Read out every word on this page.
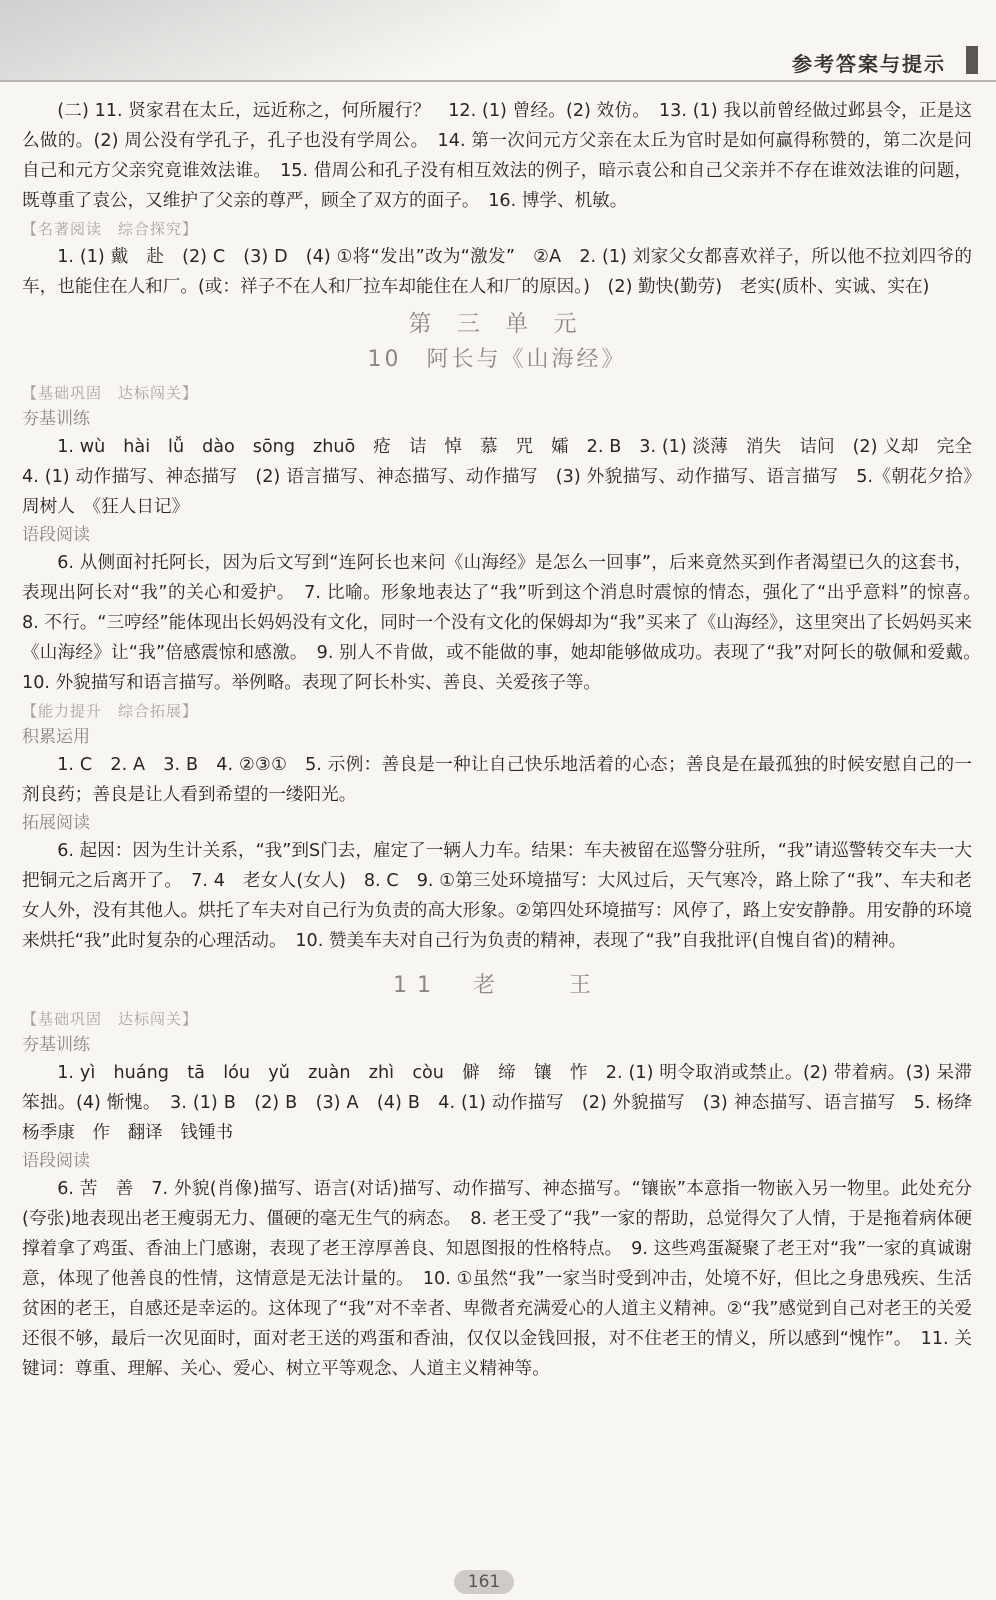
参考答案与提示

(二) 11. 贤家君在太丘，远近称之，何所履行？　12. (1) 曾经。(2) 效仿。　13. (1) 我以前曾经做过邺县令，正是这么做的。(2) 周公没有学孔子，孔子也没有学周公。　14. 第一次问元方父亲在太丘为官时是如何赢得称赞的，第二次是问自己和元方父亲究竟谁效法谁。　15. 借周公和孔子没有相互效法的例子，暗示袁公和自己父亲并不存在谁效法谁的问题，既尊重了袁公，又维护了父亲的尊严，顾全了双方的面子。　16. 博学、机敏。

【名著阅读　综合探究】

1. (1) 戴　赴　(2) C　(3) D　(4) ①将“发出”改为“激发”　②A　2. (1) 刘家父女都喜欢祥子，所以他不拉刘四爷的车，也能住在人和厂。(或：祥子不在人和厂拉车却能住在人和厂的原因。)　(2) 勤快(勤劳)　老实(质朴、实诚、实在)

第 三 单 元
10　阿长与《山海经》
【基础巩固　达标闯关】
夯基训练

1. wù　hài　lǚ　dào　sōng　zhuō　疮　诘　悼　慕　咒　孀　2. B　3. (1) 淡薄　消失　诘问　(2) 义却　完全　4. (1) 动作描写、神态描写　(2) 语言描写、神态描写、动作描写　(3) 外貌描写、动作描写、语言描写　5.《朝花夕拾》　周树人　《狂人日记》

语段阅读

6. 从侧面衬托阿长，因为后文写到“连阿长也来问《山海经》是怎么一回事”，后来竟然买到作者渴望已久的这套书，表现出阿长对“我”的关心和爱护。　7. 比喻。形象地表达了“我”听到这个消息时震惊的情态，强化了“出乎意料”的惊喜。　8. 不行。“三哼经”能体现出长妈妈没有文化，同时一个没有文化的保姆却为“我”买来了《山海经》，这里突出了长妈妈买来《山海经》让“我”倍感震惊和感激。　9. 别人不肯做，或不能做的事，她却能够做成功。表现了“我”对阿长的敬佩和爱戴。　10. 外貌描写和语言描写。举例略。表现了阿长朴实、善良、关爱孩子等。

【能力提升　综合拓展】
积累运用

1. C　2. A　3. B　4. ②③①　5. 示例：善良是一种让自己快乐地活着的心态；善良是在最孤独的时候安慰自己的一剂良药；善良是让人看到希望的一缕阳光。

拓展阅读

6. 起因：因为生计关系，“我”到S门去，雇定了一辆人力车。结果：车夫被留在巡警分驻所，“我”请巡警转交车夫一大把铜元之后离开了。　7. 4　老女人(女人)　8. C　9. ①第三处环境描写：大风过后，天气寒冷，路上除了“我”、车夫和老女人外，没有其他人。烘托了车夫对自己行为负责的高大形象。②第四处环境描写：风停了，路上安安静静。用安静的环境来烘托“我”此时复杂的心理活动。　10. 赞美车夫对自己行为负责的精神，表现了“我”自我批评(自愧自省)的精神。

11　老　　王
【基础巩固　达标闯关】
夯基训练

1. yì　huáng　tā　lóu　yǔ　zuàn　zhì　còu　僻　缔　镶　怍　2. (1) 明令取消或禁止。(2) 带着病。(3) 呆滞笨拙。(4) 惭愧。　3. (1) B　(2) B　(3) A　(4) B　4. (1) 动作描写　(2) 外貌描写　(3) 神态描写、语言描写　5. 杨绛　杨季康　作　翻译　钱锺书

语段阅读

6. 苦　善　7. 外貌(肖像)描写、语言(对话)描写、动作描写、神态描写。“镶嵌”本意指一物嵌入另一物里。此处充分(夸张)地表现出老王瘦弱无力、僵硬的毫无生气的病态。　8. 老王受了“我”一家的帮助，总觉得欠了人情，于是拖着病体硬撑着拿了鸡蛋、香油上门感谢，表现了老王淳厚善良、知恩图报的性格特点。　9. 这些鸡蛋凝聚了老王对“我”一家的真诚谢意，体现了他善良的性情，这情意是无法计量的。　10. ①虽然“我”一家当时受到冲击，处境不好，但比之身患残疾、生活贫困的老王，自感还是幸运的。这体现了“我”对不幸者、卑微者充满爱心的人道主义精神。②“我”感觉到自己对老王的关爱还很不够，最后一次见面时，面对老王送的鸡蛋和香油，仅仅以金钱回报，对不住老王的情义，所以感到“愧怍”。　11. 关键词：尊重、理解、关心、爱心、树立平等观念、人道主义精神等。

161
